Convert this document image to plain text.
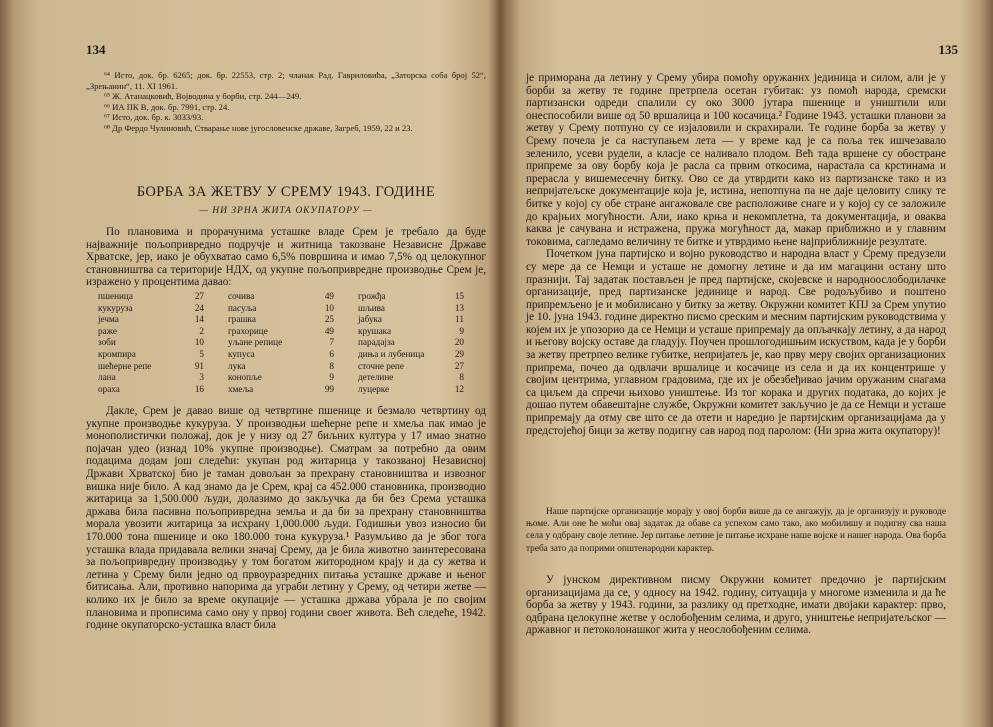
134

⁶⁴ Исто, док. бр. 6265; док. бр. 22553, стр. 2; чланак Рад. Гавриловића, „Заторска соба број 52“, „Зрењанин“, 11. XI 1961.

⁶⁵ Ж. Атанацковић, Војводина у борби, стр. 244—249.

⁶⁶ ИА ПК В, док. бр. 7991, стр. 24.

⁶⁷ Исто, док. бр. к. 3033/93.

⁶⁸ Др Фердо Чулиновић, Стварање нове југословенске државе, Загреб, 1959, 22 и 23.

БОРБА ЗА ЖЕТВУ У СРЕМУ 1943. ГОДИНЕ
— НИ ЗРНА ЖИТА ОКУПАТОРУ —

По плановима и прорачунима усташке владе Срем је требало да буде најважније пољопривредно подручје и житница такозване Независне Државе Хрватске, јер, иако је обухватао само 6,5% површина и имао 7,5% од целокупног становништва са територије НДХ, од укупне пољопривредне производње Срем је, изражено у процентима давао:

пшеница	27	сочива	49	грожђа	15
кукуруза	24	пасуља	10	шљива	13
јечма	14	грашка	25	јабука	11
раже	2	грахорице	49	крушака	9
зоби	10	уљане репице	7	парадајза	20
кромпира	5	купуса	6	диња и лубеница	29
шећерне репе	91	лука	8	сточне репе	27
лана	3	конопље	9	детелине	8
ораха	16	хмеља	99	луцерке	12

Дакле, Срем је давао више од четвртине пшенице и безмало четвртину од укупне производње кукуруза. У производњи шећерне репе и хмеља пак имао је монополистички положај, док је у низу од 27 биљних култура у 17 имао знатно појачан удео (изнад 10% укупне производње). Сматрам за потребно да овим подацима додам још следећи: укупан род житарица у такозваној Независној Држави Хрватској био је таман довољан за прехрану становништва и извозног вишка није било. А кад знамо да је Срем, крај са 452.000 становника, производио житарица за 1,500.000 људи, долазимо до закључка да би без Срема усташка држава била пасивна пољопривредна земља и да би за прехрану становништва морала увозити житарица за исхрану 1,000.000 људи. Годишњи увоз износио би 170.000 тона пшенице и око 180.000 тона кукуруза.¹ Разумљиво да је због тога усташка влада придавала велики значај Срему, да је била животно заинтересована за пољопривредну производњу у том богатом житородном крају и да су жетва и летина у Срему били једно од првоуразредних питања усташке државе и њеног битисања. Али, противно напорима да уграби летину у Срему, од четири жетве — колико их је било за време окупације — усташка држава убрала је по својим плановима и прописима само ону у првој години своег живота. Већ следеће, 1942. године окупаторско-усташка власт била

135

је приморана да летину у Срему убира помоћу оружаних јединица и силом, али је у борби за жетву те године претрпела осетан губитак: уз помоћ народа, сремски партизански одреди спалили су око 3000 јутара пшенице и уништили или онеспособили више од 50 вршалица и 100 косачица.² Године 1943. усташки планови за жетву у Срему потпуно су се изјаловили и скрахирали. Те године борба за жетву у Срему почела је са наступањем лета — у време кад је са поља тек ишчезавало зеленило, усеви рудели, а класје се наливало плодом. Већ тада вршене су обостране припреме за ову борбу која је расла са првим откосима, нарастала са крстинама и прерасла у вишемесечну битку. Ово се да утврдити како из партизанске тако и из непријатељске документације која је, истина, непотпуна па не даје целовиту слику те битке у којој су обе стране ангажовале све расположиве снаге и у којој су се заложиле до крајњих могућности. Али, иако крња и некомплетна, та документација, и оваква каква је сачувана и истражена, пружа могућност да, макар приближно и у главним токовима, сагледамо величину те битке и утврдимо њене најприближније резултате.

Почетком јуна партијско и војно руководство и народна власт у Срему предузели су мере да се Немци и усташе не домогну летине и да им магацини остану што празнији. Тај задатак постављен је пред партијске, скојевске и народноослободилачке организације, пред партизанске јединице и народ. Све родољубиво и поштено припремљено је и мобилисано у битку за жетву. Окружни комитет КПЈ за Срем упутио је 10. јуна 1943. године директно писмо среским и месним партијским руководствима у којем их је упозорио да се Немци и усташе припремају да опљачкају летину, а да народ и његову војску оставе да гладују. Поучен прошлогодишњим искуством, када је у борби за жетву претрпео велике губитке, непријатељ је, као прву меру својих организационих припрема, почео да одвлачи вршалице и косачице из села и да их концентрише у својим центрима, углавном градовима, где их је обезбеђивао јачим оружаним снагама са циљем да спречи њихово уништење. Из тог корака и других података, до којих је дошао путем обавештајне службе, Окружни комитет закључио је да се Немци и усташе припремају да отму све што се да отети и наредио је партијским организацијама да у предстојећој бици за жетву подигну сав народ под паролом: (Ни зрна жита окупатору)!

Наше партијске организације морају у овој борби више да се ангажују, да је организују и руководе њоме. Али оне ће моћи овај задатак да обаве са успехом само тако, ако мобилишу и подигну сва наша села у одбрану своје летине. Јер питање летине је питање исхране наше војске и нашег народа. Ова борба треба зато да поприми општенародни карактер.

У јунском директивном писму Окружни комитет предочио је партијским организацијама да се, у односу на 1942. годину, ситуација у многоме изменила и да ће борба за жетву у 1943. години, за разлику од претходне, имати двојаки карактер: прво, одбрана целокупне жетве у ослобођеним селима, и друго, уништење непријатељског — државног и петоколонашког жита у неослобођеним селима.
